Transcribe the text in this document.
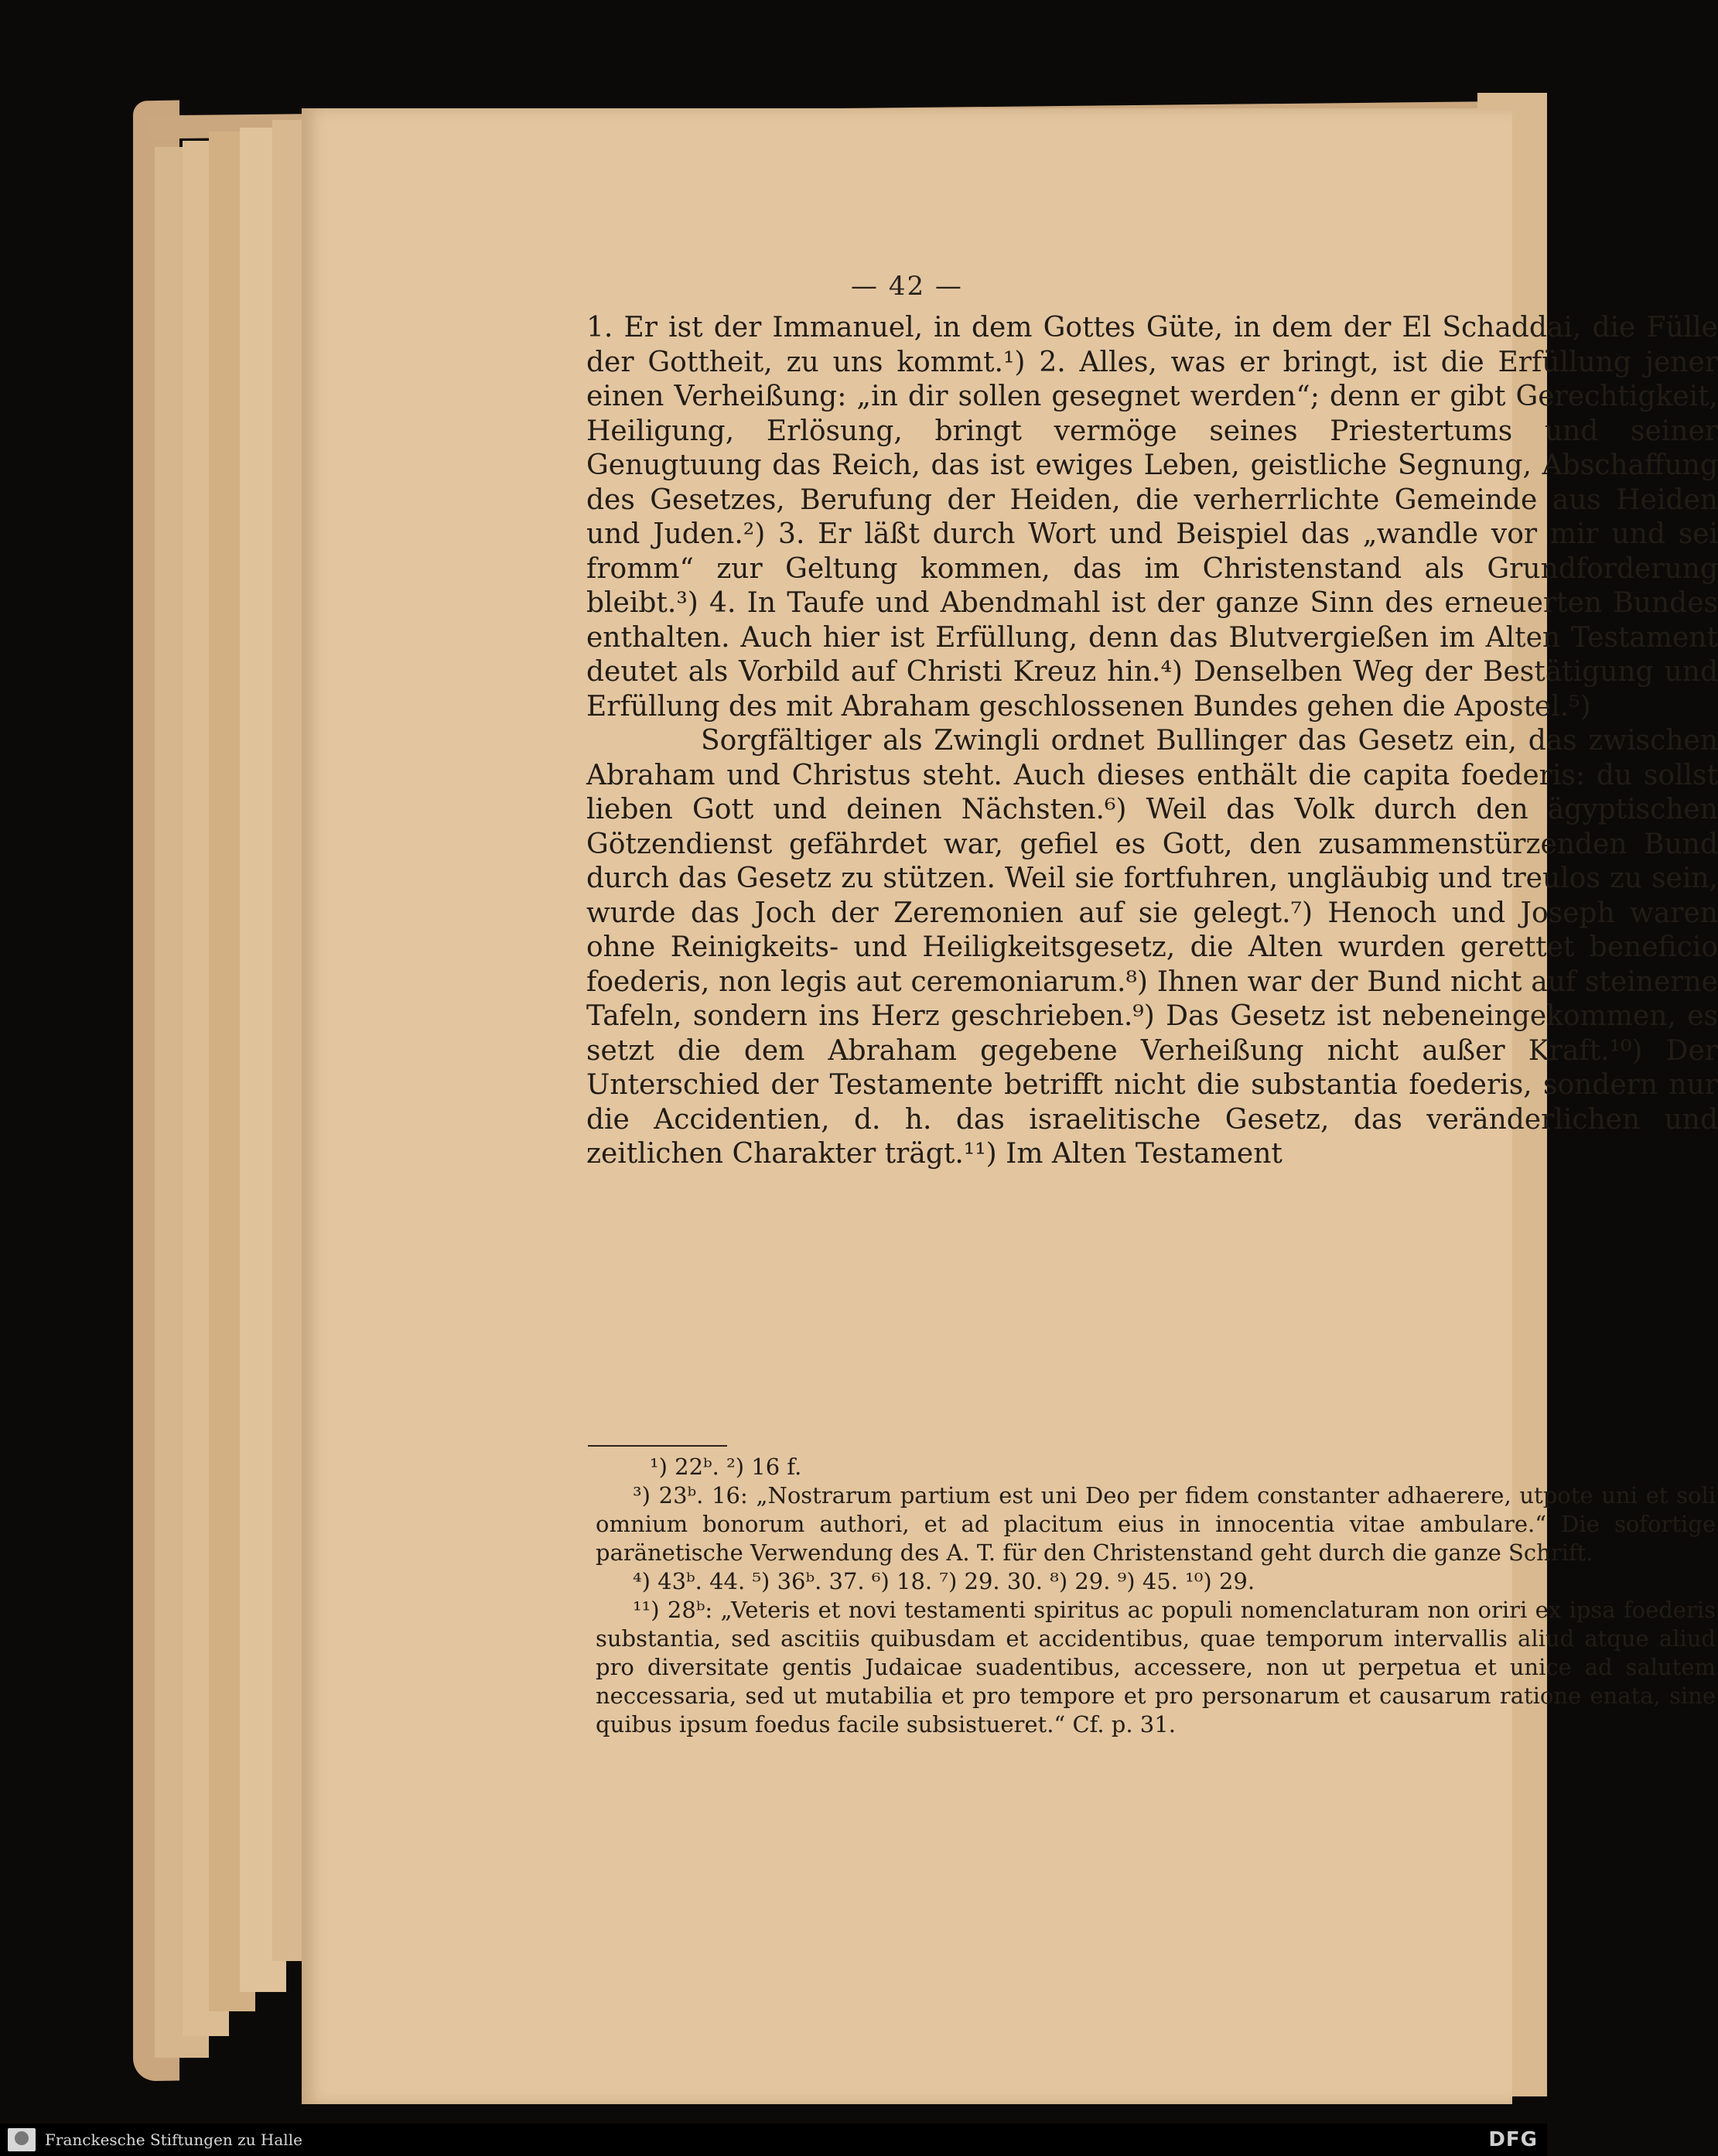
— 42 —

1. Er ist der Immanuel, in dem Gottes Güte, in dem der El Schaddai, die Fülle der Gottheit, zu uns kommt.¹) 2. Alles, was er bringt, ist die Erfüllung jener einen Verheißung: „in dir sollen gesegnet werden“; denn er gibt Gerechtigkeit, Heiligung, Erlösung, bringt vermöge seines Priestertums und seiner Genugtuung das Reich, das ist ewiges Leben, geistliche Segnung, Abschaffung des Gesetzes, Berufung der Heiden, die verherrlichte Gemeinde aus Heiden und Juden.²) 3. Er läßt durch Wort und Beispiel das „wandle vor mir und sei fromm“ zur Geltung kommen, das im Christenstand als Grundforderung bleibt.³) 4. In Taufe und Abendmahl ist der ganze Sinn des erneuerten Bundes enthalten. Auch hier ist Erfüllung, denn das Blutvergießen im Alten Testament deutet als Vorbild auf Christi Kreuz hin.⁴) Denselben Weg der Bestätigung und Erfüllung des mit Abraham geschlossenen Bundes gehen die Apostel.⁵)

Sorgfältiger als Zwingli ordnet Bullinger das Gesetz ein, das zwischen Abraham und Christus steht. Auch dieses enthält die capita foederis: du sollst lieben Gott und deinen Nächsten.⁶) Weil das Volk durch den ägyptischen Götzendienst gefährdet war, gefiel es Gott, den zusammenstürzenden Bund durch das Gesetz zu stützen. Weil sie fortfuhren, ungläubig und treulos zu sein, wurde das Joch der Zeremonien auf sie gelegt.⁷) Henoch und Joseph waren ohne Reinigkeits- und Heiligkeitsgesetz, die Alten wurden gerettet beneficio foederis, non legis aut ceremoniarum.⁸) Ihnen war der Bund nicht auf steinerne Tafeln, sondern ins Herz geschrieben.⁹) Das Gesetz ist nebeneingekommen, es setzt die dem Abraham gegebene Verheißung nicht außer Kraft.¹⁰) Der Unterschied der Testamente betrifft nicht die substantia foederis, sondern nur die Accidentien, d. h. das israelitische Gesetz, das veränderlichen und zeitlichen Charakter trägt.¹¹) Im Alten Testament

¹) 22ᵇ. ²) 16 f.

³) 23ᵇ. 16: „Nostrarum partium est uni Deo per fidem constanter adhaerere, utpote uni et soli omnium bonorum authori, et ad placitum eius in innocentia vitae ambulare.“ Die sofortige paränetische Verwendung des A. T. für den Christenstand geht durch die ganze Schrift.

⁴) 43ᵇ. 44. ⁵) 36ᵇ. 37. ⁶) 18. ⁷) 29. 30. ⁸) 29. ⁹) 45. ¹⁰) 29.

¹¹) 28ᵇ: „Veteris et novi testamenti spiritus ac populi nomenclaturam non oriri ex ipsa foederis substantia, sed ascitiis quibusdam et accidentibus, quae temporum intervallis aliud atque aliud pro diversitate gentis Judaicae suadentibus, accessere, non ut perpetua et unice ad salutem neccessaria, sed ut mutabilia et pro tempore et pro personarum et causarum ratione enata, sine quibus ipsum foedus facile subsistueret.“ Cf. p. 31.

Franckesche Stiftungen zu Halle	DFG
